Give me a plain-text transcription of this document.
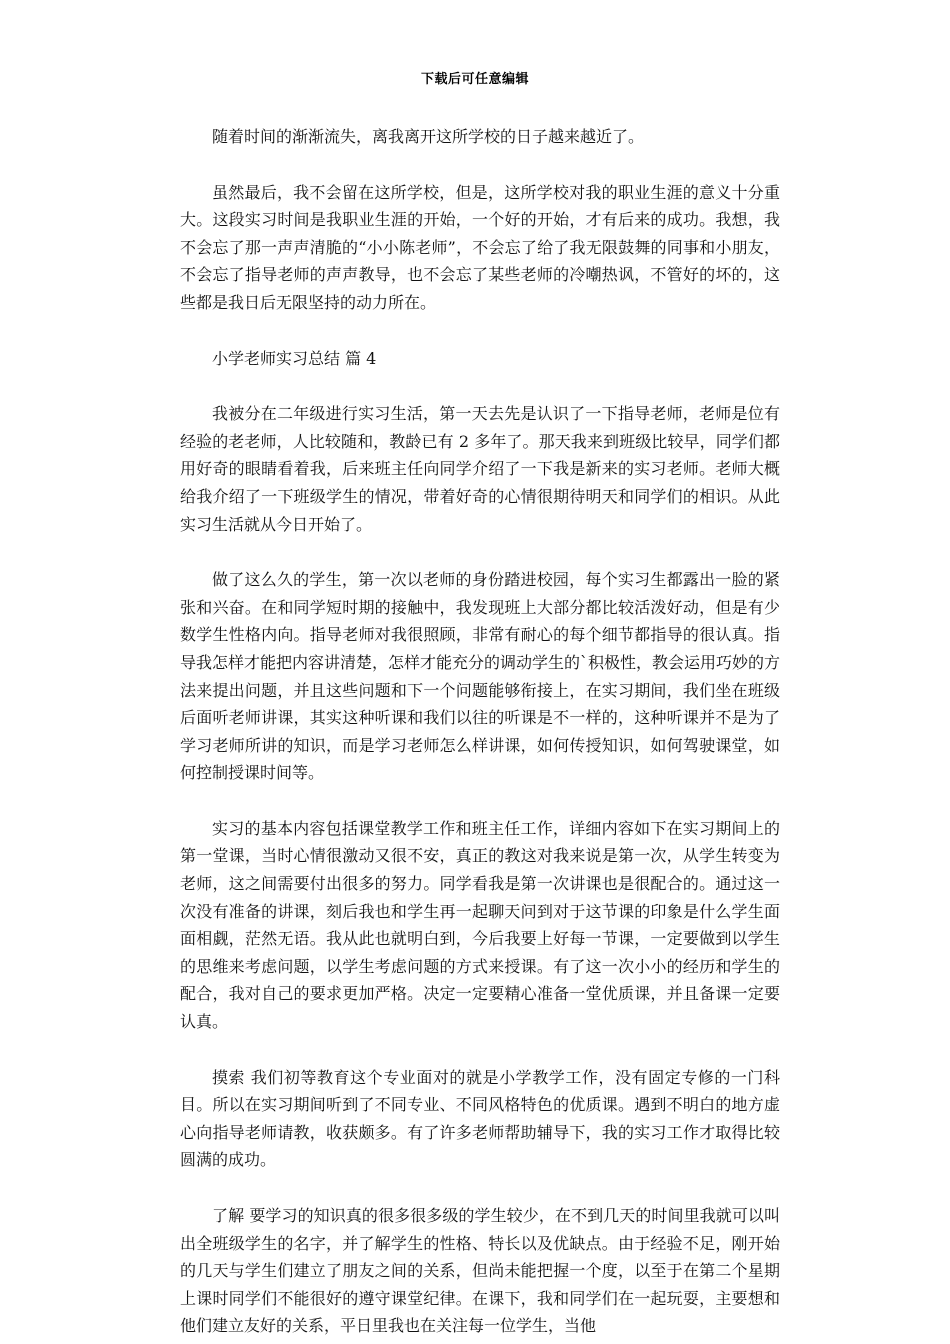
下载后可任意编辑

随着时间的渐渐流失，离我离开这所学校的日子越来越近了。

虽然最后，我不会留在这所学校，但是，这所学校对我的职业生涯的意义十分重大。这段实习时间是我职业生涯的开始，一个好的开始，才有后来的成功。我想，我不会忘了那一声声清脆的“小小陈老师”，不会忘了给了我无限鼓舞的同事和小朋友，不会忘了指导老师的声声教导，也不会忘了某些老师的冷嘲热讽，不管好的坏的，这些都是我日后无限坚持的动力所在。

小学老师实习总结 篇 4

我被分在二年级进行实习生活，第一天去先是认识了一下指导老师，老师是位有经验的老老师，人比较随和，教龄已有 2 多年了。那天我来到班级比较早，同学们都用好奇的眼睛看着我，后来班主任向同学介绍了一下我是新来的实习老师。老师大概给我介绍了一下班级学生的情况，带着好奇的心情很期待明天和同学们的相识。从此实习生活就从今日开始了。

做了这么久的学生，第一次以老师的身份踏进校园，每个实习生都露出一脸的紧张和兴奋。在和同学短时期的接触中，我发现班上大部分都比较活泼好动，但是有少数学生性格内向。指导老师对我很照顾，非常有耐心的每个细节都指导的很认真。指导我怎样才能把内容讲清楚，怎样才能充分的调动学生的`积极性，教会运用巧妙的方法来提出问题，并且这些问题和下一个问题能够衔接上，在实习期间，我们坐在班级后面听老师讲课，其实这种听课和我们以往的听课是不一样的，这种听课并不是为了学习老师所讲的知识，而是学习老师怎么样讲课，如何传授知识，如何驾驶课堂，如何控制授课时间等。

实习的基本内容包括课堂教学工作和班主任工作，详细内容如下在实习期间上的第一堂课，当时心情很激动又很不安，真正的教这对我来说是第一次，从学生转变为老师，这之间需要付出很多的努力。同学看我是第一次讲课也是很配合的。通过这一次没有准备的讲课，刻后我也和学生再一起聊天问到对于这节课的印象是什么学生面面相觑，茫然无语。我从此也就明白到，今后我要上好每一节课，一定要做到以学生的思维来考虑问题，以学生考虑问题的方式来授课。有了这一次小小的经历和学生的配合，我对自己的要求更加严格。决定一定要精心准备一堂优质课，并且备课一定要认真。

摸索 我们初等教育这个专业面对的就是小学教学工作，没有固定专修的一门科目。所以在实习期间听到了不同专业、不同风格特色的优质课。遇到不明白的地方虚心向指导老师请教，收获颇多。有了许多老师帮助辅导下，我的实习工作才取得比较圆满的成功。

了解 要学习的知识真的很多很多级的学生较少，在不到几天的时间里我就可以叫出全班级学生的名字，并了解学生的性格、特长以及优缺点。由于经验不足，刚开始的几天与学生们建立了朋友之间的关系，但尚未能把握一个度，以至于在第二个星期上课时同学们不能很好的遵守课堂纪律。在课下，我和同学们在一起玩耍，主要想和他们建立友好的关系，平日里我也在关注每一位学生，当他
